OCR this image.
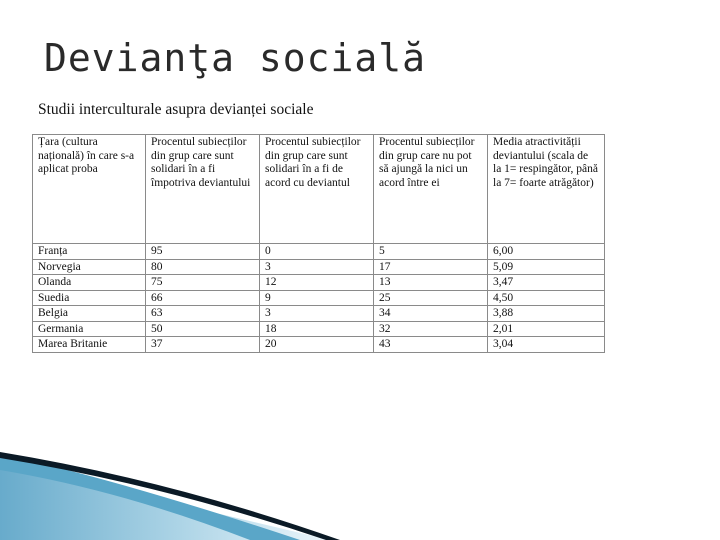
Devianţa socială
Studii interculturale asupra devianței sociale
Țara (cultura națională) în care s-a aplicat proba	Procentul subiecților din grup care sunt solidari în a fi împotriva deviantului	Procentul subiecților din grup care sunt solidari în a fi de acord cu deviantul	Procentul subiecților din grup care nu pot să ajungă la nici un acord între ei	Media atractivității deviantului (scala de la 1= respingător, până la 7= foarte atrăgător)
Franța	95	0	5	6,00
Norvegia	80	3	17	5,09
Olanda	75	12	13	3,47
Suedia	66	9	25	4,50
Belgia	63	3	34	3,88
Germania	50	18	32	2,01
Marea Britanie	37	20	43	3,04
